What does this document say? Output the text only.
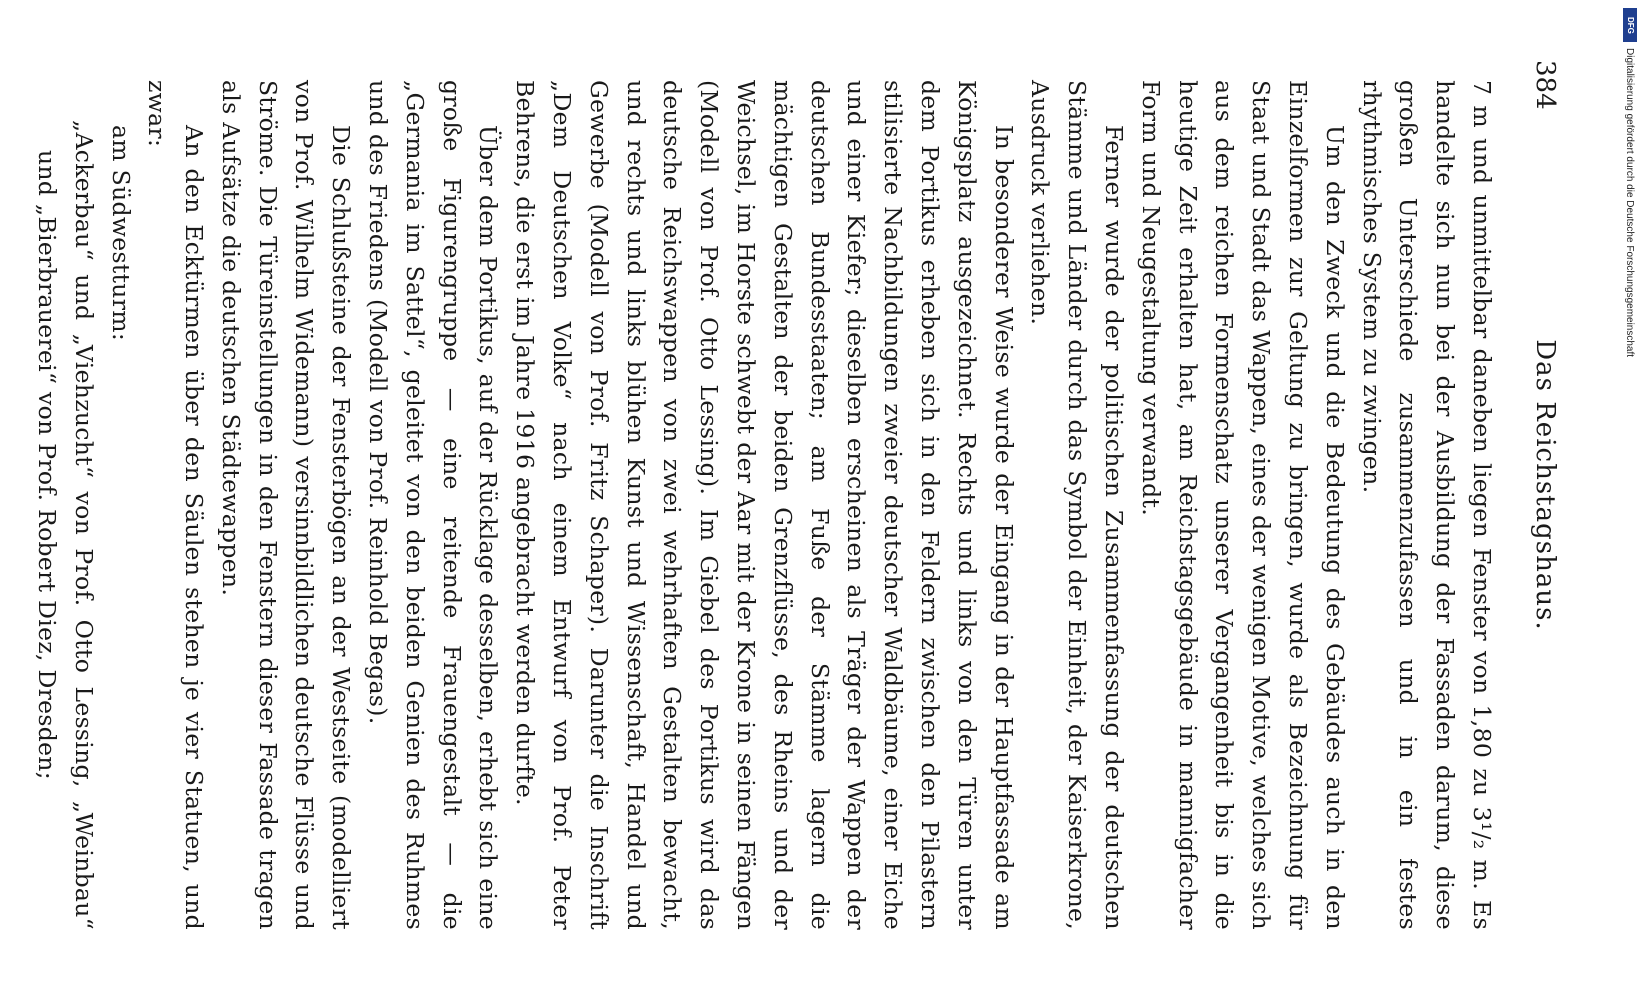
384
Das Reichstagshaus.

7 m und unmittelbar daneben liegen Fenster von 1,80 zu 3¹/₂ m. Es handelte sich nun bei der Ausbildung der Fassaden darum, diese großen Unterschiede zusammenzufassen und in ein festes rhythmisches System zu zwingen.

Um den Zweck und die Bedeutung des Gebäudes auch in den Einzelformen zur Geltung zu bringen, wurde als Bezeichnung für Staat und Stadt das Wappen, eines der wenigen Motive, welches sich aus dem reichen Formenschatz unserer Vergangenheit bis in die heutige Zeit erhalten hat, am Reichstagsgebäude in mannigfacher Form und Neugestaltung verwandt.

Ferner wurde der politischen Zusammenfassung der deutschen Stämme und Länder durch das Symbol der Einheit, der Kaiserkrone, Ausdruck verliehen.

In besonderer Weise wurde der Eingang in der Hauptfassade am Königsplatz ausgezeichnet. Rechts und links von den Türen unter dem Portikus erheben sich in den Feldern zwischen den Pilastern stilisierte Nachbildungen zweier deutscher Waldbäume, einer Eiche und einer Kiefer; dieselben erscheinen als Träger der Wappen der deutschen Bundesstaaten; am Fuße der Stämme lagern die mächtigen Gestalten der beiden Grenzflüsse, des Rheins und der Weichsel, im Horste schwebt der Aar mit der Krone in seinen Fängen (Modell von Prof. Otto Lessing). Im Giebel des Portikus wird das deutsche Reichswappen von zwei wehrhaften Gestalten bewacht, und rechts und links blühen Kunst und Wissenschaft, Handel und Gewerbe (Modell von Prof. Fritz Schaper). Darunter die Inschrift „Dem Deutschen Volke“ nach einem Entwurf von Prof. Peter Behrens, die erst im Jahre 1916 angebracht werden durfte.

Über dem Portikus, auf der Rücklage desselben, erhebt sich eine große Figurengruppe — eine reitende Frauengestalt — die „Germania im Sattel“, geleitet von den beiden Genien des Ruhmes und des Friedens (Modell von Prof. Reinhold Begas).

Die Schlußsteine der Fensterbögen an der Westseite (modelliert von Prof. Wilhelm Widemann) versinnbildlichen deutsche Flüsse und Ströme. Die Türeinstellungen in den Fenstern dieser Fassade tragen als Aufsätze die deutschen Städtewappen.

An den Ecktürmen über den Säulen stehen je vier Statuen, und zwar:

am Südwestturm:

„Ackerbau“ und „Viehzucht“ von Prof. Otto Lessing, „Weinbau“ und „Bierbrauerei“ von Prof. Robert Diez, Dresden;

DFG
Digitalisierung gefördert durch die Deutsche Forschungsgemeinschaft
